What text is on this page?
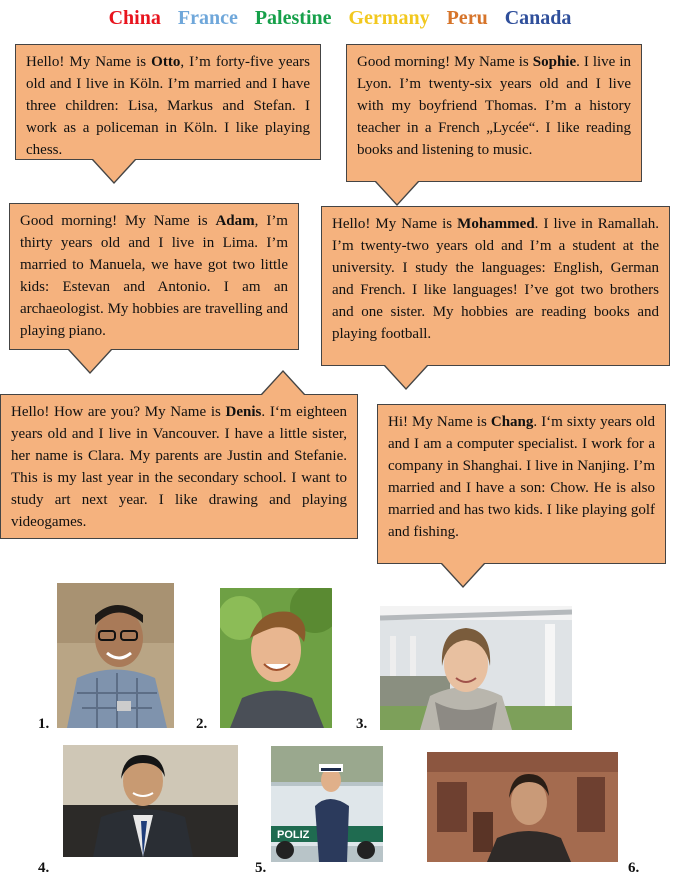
China France Palestine Germany Peru Canada
Hello! My Name is Otto, I’m forty-five years old and I live in Köln. I’m married and I have three children: Lisa, Markus and Stefan. I work as a policeman in Köln. I like playing chess.
Good morning! My Name is Sophie. I live in Lyon. I’m twenty-six years old and I live with my boyfriend Thomas. I’m a history teacher in a French „Lycée“. I like reading books and listening to music.
Good morning! My Name is Adam, I’m thirty years old and I live in Lima. I’m married to Manuela, we have got two little kids: Estevan and Antonio. I am an archaeologist. My hobbies are travelling and playing piano.
Hello! My Name is Mohammed. I live in Ramallah. I’m twenty-two years old and I’m a student at the university. I study the languages: English, German and French. I like languages! I’ve got two brothers and one sister. My hobbies are reading books and playing football.
Hello! How are you? My Name is Denis. I‘m eighteen years old and I live in Vancouver. I have a little sister, her name is Clara. My parents are Justin and Stefanie. This is my last year in the secondary school. I want to study art next year. I like drawing and playing videogames.
Hi! My Name is Chang. I‘m sixty years old and I am a computer specialist. I work for a company in Shanghai. I live in Nanjing. I’m married and I have a son: Chow. He is also married and has two kids. I like playing golf and fishing.
1.	2.	3.
4.
POLIZ
5.	6.
